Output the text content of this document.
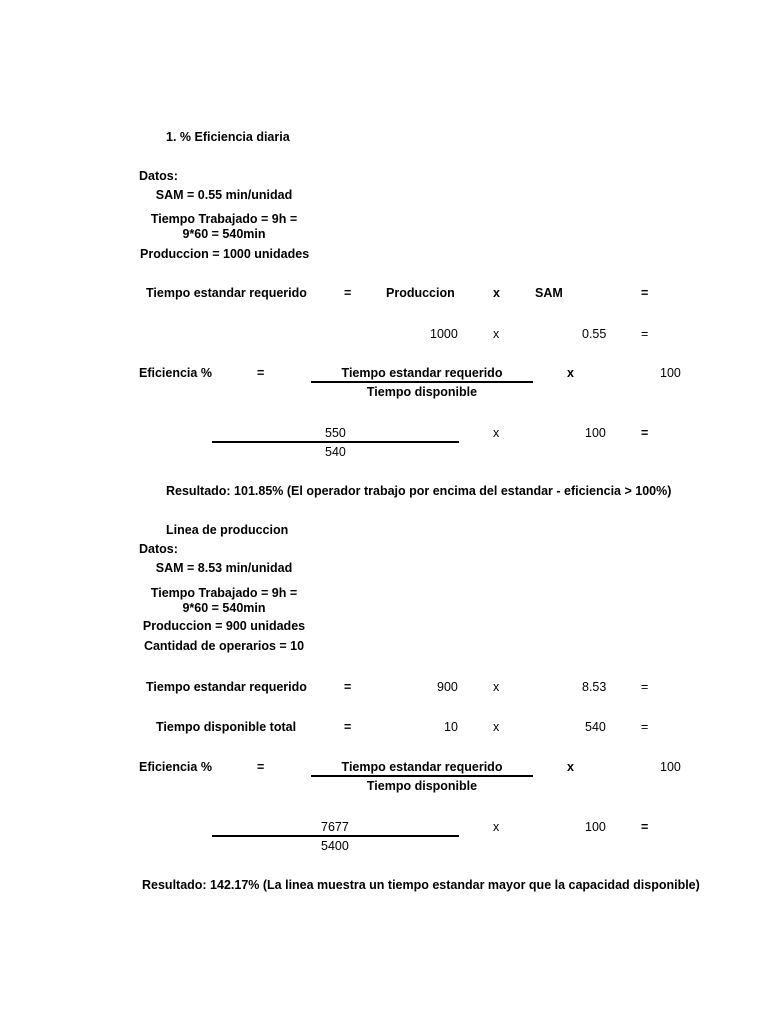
1. % Eficiencia diaria
Datos:
SAM = 0.55 min/unidad
Tiempo Trabajado = 9h =
9*60 = 540min
Produccion = 1000 unidades
Tiempo estandar requerido	=	Produccion	x	SAM	=
1000	x	0.55	=
Eficiencia %	=	Tiempo estandar requerido
Tiempo disponible
x	100
550
540
x	100	=
Resultado: 101.85% (El operador trabajo por encima del estandar - eficiencia > 100%)
Linea de produccion
Datos:
SAM = 8.53 min/unidad
Tiempo Trabajado = 9h =
9*60 = 540min
Produccion = 900 unidades
Cantidad de operarios = 10
Tiempo estandar requerido	=	900	x	8.53	=
Tiempo disponible total	=	10	x	540	=
Eficiencia %	=	Tiempo estandar requerido
Tiempo disponible
x	100
7677
5400
x	100	=
Resultado: 142.17% (La linea muestra un tiempo estandar mayor que la capacidad disponible)
